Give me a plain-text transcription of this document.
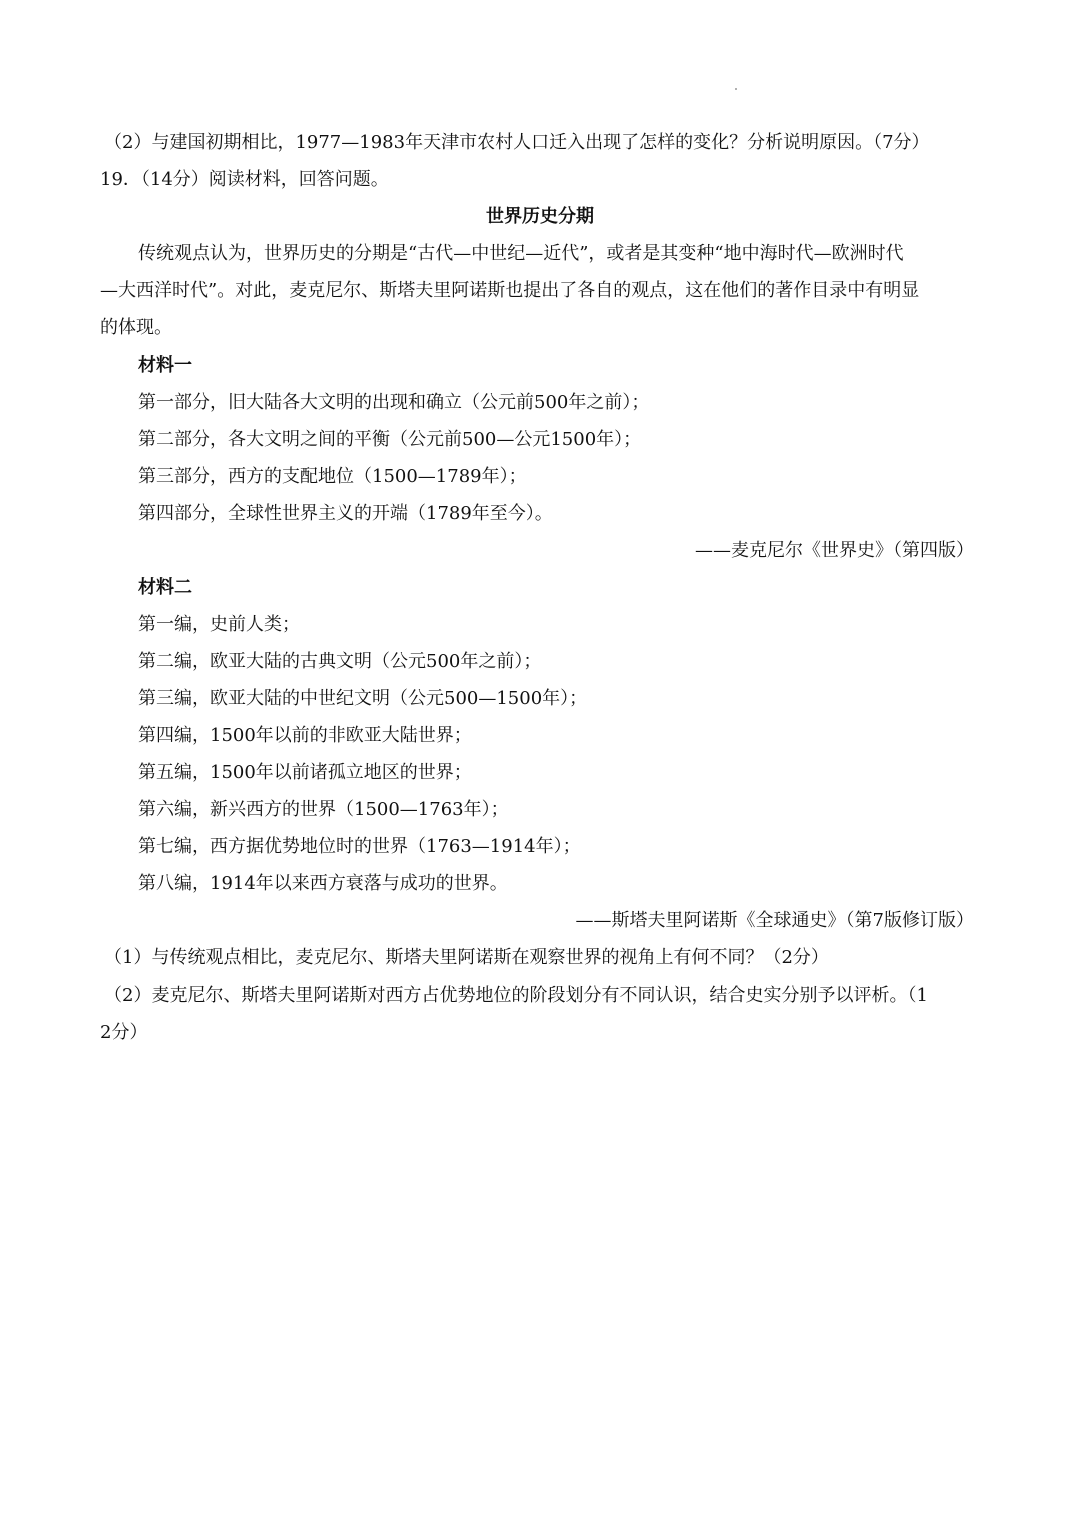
（2）与建国初期相比，1977—1983年天津市农村人口迁入出现了怎样的变化？分析说明原因。（7分）
19．（14分）阅读材料，回答问题。
世界历史分期
传统观点认为，世界历史的分期是“古代—中世纪—近代”，或者是其变种“地中海时代—欧洲时代
—大西洋时代”。对此，麦克尼尔、斯塔夫里阿诺斯也提出了各自的观点，这在他们的著作目录中有明显
的体现。
材料一
第一部分，旧大陆各大文明的出现和确立（公元前500年之前）；
第二部分，各大文明之间的平衡（公元前500—公元1500年）；
第三部分，西方的支配地位（1500—1789年）；
第四部分，全球性世界主义的开端（1789年至今）。
——麦克尼尔《世界史》（第四版）
材料二
第一编，史前人类；
第二编，欧亚大陆的古典文明（公元500年之前）；
第三编，欧亚大陆的中世纪文明（公元500—1500年）；
第四编，1500年以前的非欧亚大陆世界；
第五编，1500年以前诸孤立地区的世界；
第六编，新兴西方的世界（1500—1763年）；
第七编，西方据优势地位时的世界（1763—1914年）；
第八编，1914年以来西方衰落与成功的世界。
——斯塔夫里阿诺斯《全球通史》（第7版修订版）
（1）与传统观点相比，麦克尼尔、斯塔夫里阿诺斯在观察世界的视角上有何不同？（2分）
（2）麦克尼尔、斯塔夫里阿诺斯对西方占优势地位的阶段划分有不同认识，结合史实分别予以评析。（1
2分）
